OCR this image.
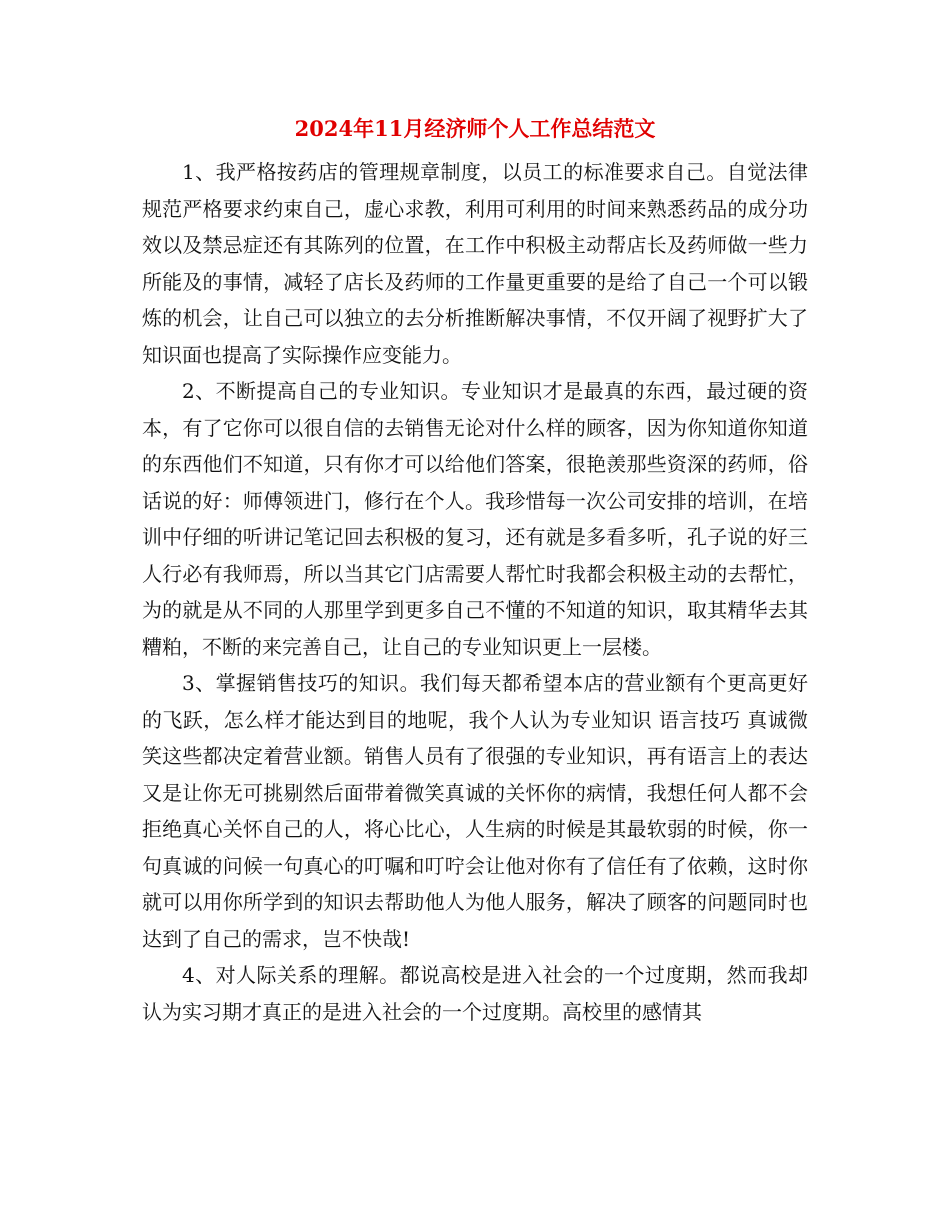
2024年11月经济师个人工作总结范文

1、我严格按药店的管理规章制度，以员工的标准要求自己。自觉法律规范严格要求约束自己，虚心求教，利用可利用的时间来熟悉药品的成分功效以及禁忌症还有其陈列的位置，在工作中积极主动帮店长及药师做一些力所能及的事情，减轻了店长及药师的工作量更重要的是给了自己一个可以锻炼的机会，让自己可以独立的去分析推断解决事情，不仅开阔了视野扩大了知识面也提高了实际操作应变能力。

2、不断提高自己的专业知识。专业知识才是最真的东西，最过硬的资本，有了它你可以很自信的去销售无论对什么样的顾客，因为你知道你知道的东西他们不知道，只有你才可以给他们答案，很艳羡那些资深的药师，俗话说的好：师傅领进门，修行在个人。我珍惜每一次公司安排的培训，在培训中仔细的听讲记笔记回去积极的复习，还有就是多看多听，孔子说的好三人行必有我师焉，所以当其它门店需要人帮忙时我都会积极主动的去帮忙，为的就是从不同的人那里学到更多自己不懂的不知道的知识，取其精华去其糟粕，不断的来完善自己，让自己的专业知识更上一层楼。

3、掌握销售技巧的知识。我们每天都希望本店的营业额有个更高更好的飞跃，怎么样才能达到目的地呢，我个人认为专业知识 语言技巧 真诚微笑这些都决定着营业额。销售人员有了很强的专业知识，再有语言上的表达又是让你无可挑剔然后面带着微笑真诚的关怀你的病情，我想任何人都不会拒绝真心关怀自己的人，将心比心，人生病的时候是其最软弱的时候，你一句真诚的问候一句真心的叮嘱和叮咛会让他对你有了信任有了依赖，这时你就可以用你所学到的知识去帮助他人为他人服务，解决了顾客的问题同时也达到了自己的需求，岂不快哉!

4、对人际关系的理解。都说高校是进入社会的一个过度期，然而我却认为实习期才真正的是进入社会的一个过度期。高校里的感情其
